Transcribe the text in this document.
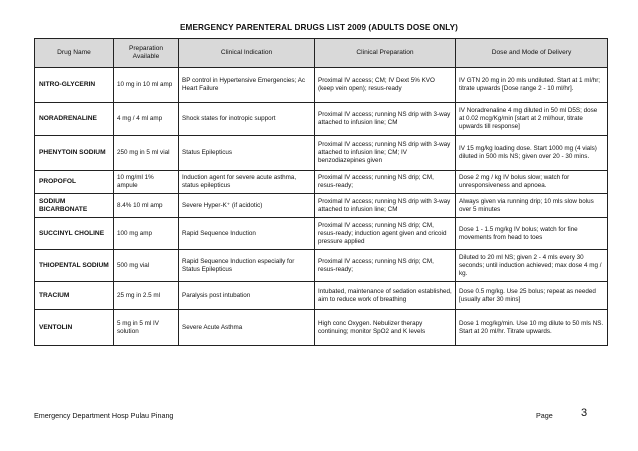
EMERGENCY PARENTERAL DRUGS LIST 2009 (ADULTS DOSE ONLY)
Drug Name	Preparation Available	Clinical Indication	Clinical Preparation	Dose and Mode of Delivery
NITRO-GLYCERIN	10 mg in 10 ml amp	BP control in Hypertensive Emergencies; Ac Heart Failure	Proximal IV access; CM; IV Dext 5% KVO (keep vein open); resus-ready	IV GTN 20 mg in 20 mls undiluted. Start at 1 ml/hr; titrate upwards [Dose range 2 - 10 ml/hr].
NORADRENALINE	4 mg / 4 ml amp	Shock states for inotropic support	Proximal IV access; running NS drip with 3-way attached to infusion line; CM	IV Noradrenaline 4 mg diluted in 50 ml D5S; dose at 0.02 mcg/Kg/min [start at 2 ml/hour, titrate upwards till response]
PHENYTOIN SODIUM	250 mg in 5 ml vial	Status Epilepticus	Proximal IV access; running NS drip with 3-way attached to infusion line; CM; IV benzodiazepines given	IV 15 mg/kg loading dose. Start 1000 mg (4 vials) diluted in 500 mls NS; given over 20 - 30 mins.
PROPOFOL	10 mg/ml 1% ampule	Induction agent for severe acute asthma, status epilepticus	Proximal IV access; running NS drip; CM, resus-ready;	Dose 2 mg / kg IV bolus slow; watch for unresponsiveness and apnoea.
SODIUM BICARBONATE	8.4% 10 ml amp	Severe Hyper-K⁺ (if acidotic)	Proximal IV access; running NS drip with 3-way attached to infusion line; CM	Always given via running drip; 10 mls slow bolus over 5 minutes
SUCCINYL CHOLINE	100 mg amp	Rapid Sequence Induction	Proximal IV access; running NS drip; CM, resus-ready; induction agent given and cricoid pressure applied	Dose 1 - 1.5 mg/kg IV bolus; watch for fine movements from head to toes
THIOPENTAL SODIUM	500 mg vial	Rapid Sequence Induction especially for Status Epilepticus	Proximal IV access; running NS drip; CM, resus-ready;	Diluted to 20 ml NS; given 2 - 4 mls every 30 seconds; until induction achieved; max dose 4 mg / kg.
TRACIUM	25 mg in 2.5 ml	Paralysis post intubation	Intubated, maintenance of sedation established, aim to reduce work of breathing	Dose 0.5 mg/kg. Use 25 bolus; repeat as needed [usually after 30 mins]
VENTOLIN	5 mg in 5 ml IV solution	Severe Acute Asthma	High conc Oxygen. Nebulizer therapy continuing; monitor SpO2 and K levels	Dose 1 mcg/kg/min. Use 10 mg dilute to 50 mls NS. Start at 20 ml/hr. Titrate upwards.
Emergency Department Hosp Pulau Pinang	Page	3
